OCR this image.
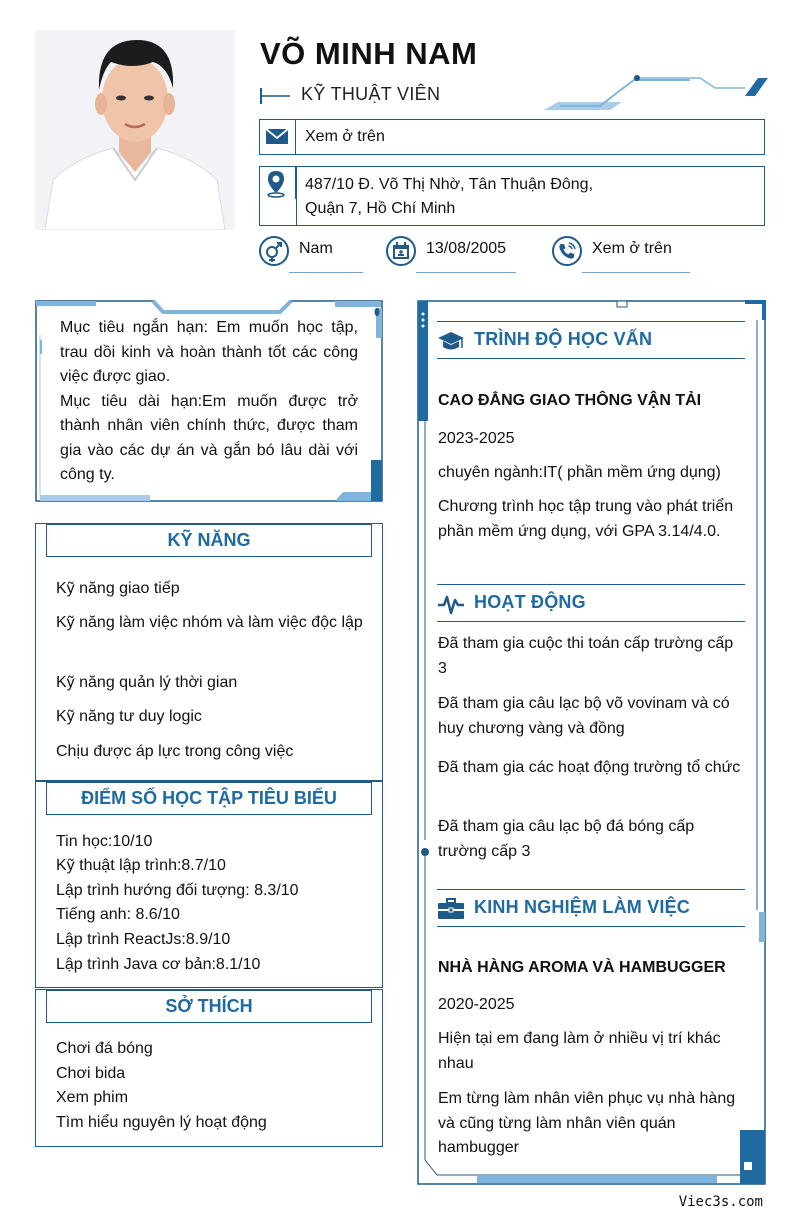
VÕ MINH NAM
KỸ THUẬT VIÊN
Xem ở trên
487/10 Đ. Võ Thị Nhờ, Tân Thuận Đông,
Quận 7, Hồ Chí Minh
Nam	13/08/2005	Xem ở trên

Mục tiêu ngắn hạn: Em muốn học tập, trau dồi kinh và hoàn thành tốt các công việc được giao.

Mục tiêu dài hạn:Em muốn được trở thành nhân viên chính thức, được tham gia vào các dự án và gắn bó lâu dài với công ty.

KỸ NĂNG
Kỹ năng giao tiếp
Kỹ năng làm việc nhóm và làm việc độc lập
Kỹ năng quản lý thời gian
Kỹ năng tư duy logic
Chịu được áp lực trong công việc
ĐIỂM SỐ HỌC TẬP TIÊU BIỂU
Tin học:10/10
Kỹ thuật lập trình:8.7/10
Lập trình hướng đối tượng: 8.3/10
Tiếng anh: 8.6/10
Lập trình ReactJs:8.9/10
Lập trình Java cơ bản:8.1/10
SỞ THÍCH
Chơi đá bóng
Chơi bida
Xem phim
Tìm hiểu nguyên lý hoạt động
TRÌNH ĐỘ HỌC VẤN
CAO ĐẲNG GIAO THÔNG VẬN TẢI
2023-2025
chuyên ngành:IT( phần mềm ứng dụng)
Chương trình học tập trung vào phát triển phần mềm ứng dụng, với GPA 3.14/4.0.
HOẠT ĐỘNG
Đã tham gia cuộc thi toán cấp trường cấp 3
Đã tham gia câu lạc bộ võ vovinam và có huy chương vàng và đồng
Đã tham gia các hoạt động trường tổ chức
Đã tham gia câu lạc bộ đá bóng cấp trường cấp 3
KINH NGHIỆM LÀM VIỆC
NHÀ HÀNG AROMA VÀ HAMBUGGER
2020-2025
Hiện tại em đang làm ở nhiều vị trí khác nhau
Em từng làm nhân viên phục vụ nhà hàng và cũng từng làm nhân viên quán hambugger
Viec3s.com
